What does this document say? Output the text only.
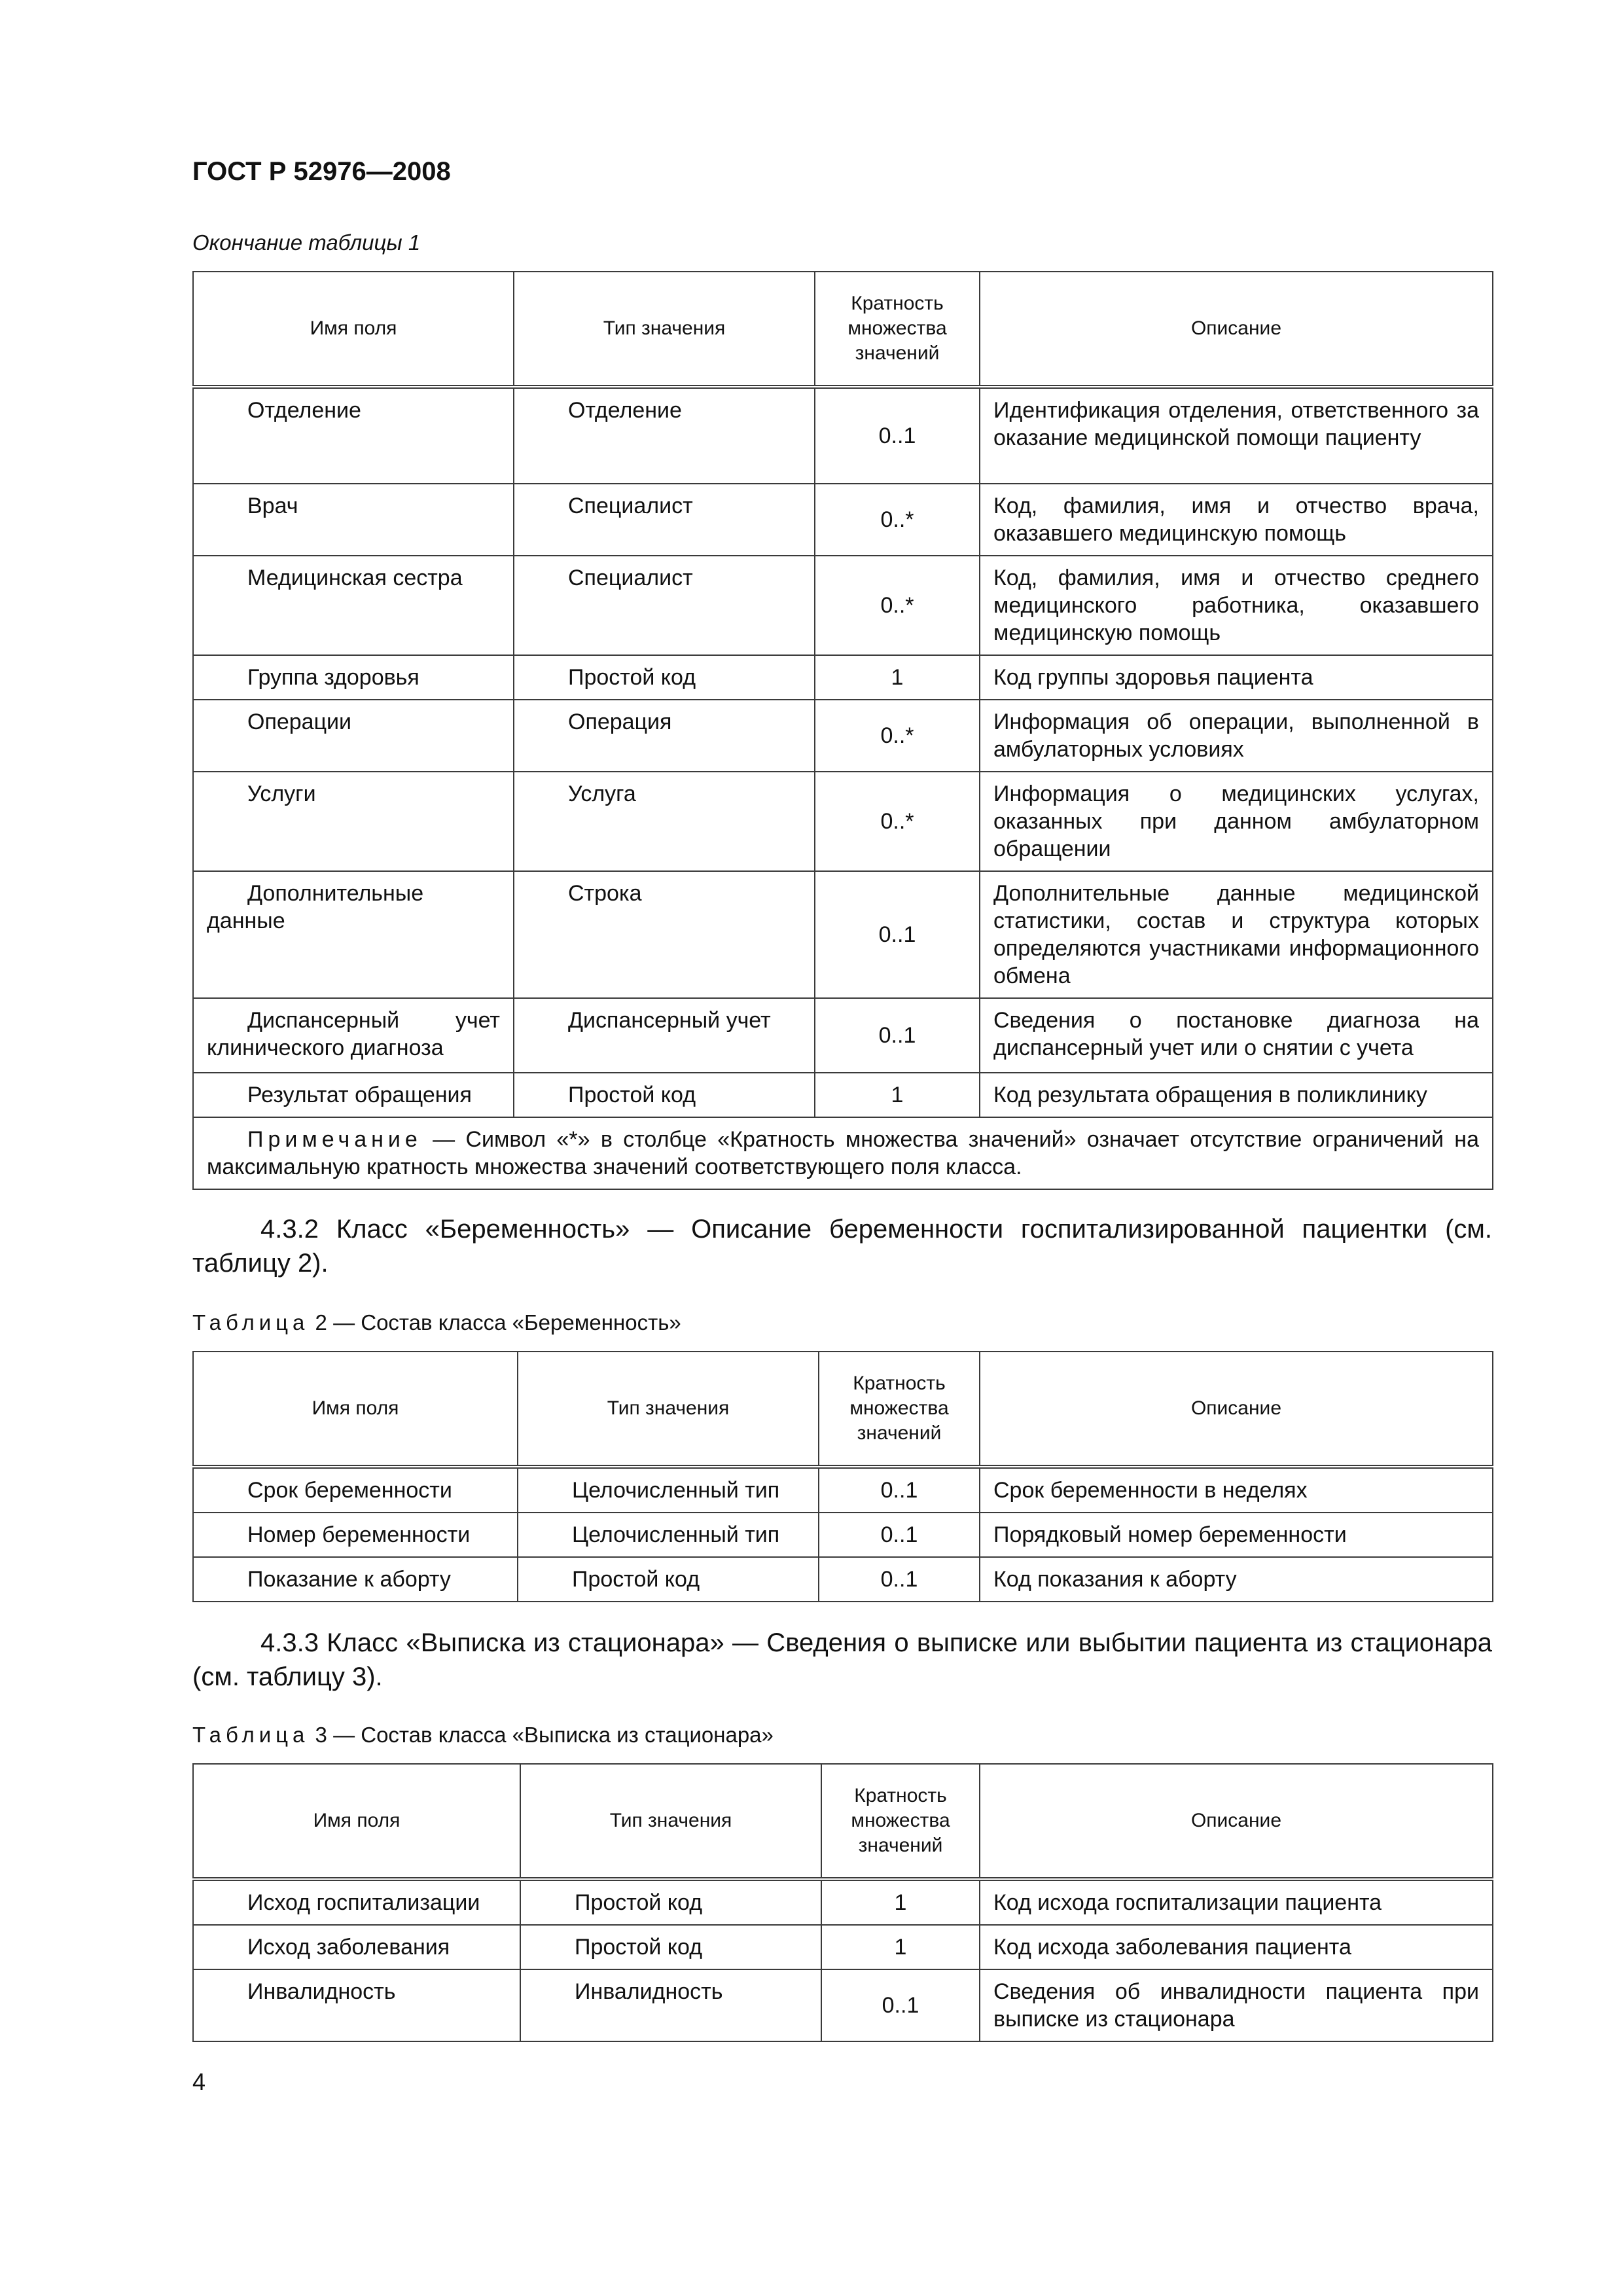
ГОСТ Р 52976—2008
Окончание таблицы 1
Имя поля	Тип значения	Кратность множества значений	Описание
Отделение	Отделение	0..1	Идентификация отделения, ответственного за оказание медицинской помощи пациенту
Врач	Специалист	0..*	Код, фамилия, имя и отчество врача, оказавшего медицинскую помощь
Медицинская сестра	Специалист	0..*	Код, фамилия, имя и отчество среднего медицинского работника, оказавшего медицинскую помощь
Группа здоровья	Простой код	1	Код группы здоровья пациента
Операции	Операция	0..*	Информация об операции, выполненной в амбулаторных условиях
Услуги	Услуга	0..*	Информация о медицинских услугах, оказанных при данном амбулаторном обращении
Дополнительные данные	Строка	0..1	Дополнительные данные медицинской статистики, состав и структура которых определяются участниками информационного обмена
Диспансерный учет клинического диагноза	Диспансерный учет	0..1	Сведения о постановке диагноза на диспансерный учет или о снятии с учета
Результат обращения	Простой код	1	Код результата обращения в поликлинику
Примечание — Символ «*» в столбце «Кратность множества значений» означает отсутствие ограничений на максимальную кратность множества значений соответствующего поля класса.			
4.3.2 Класс «Беременность» — Описание беременности госпитализированной пациентки (см. таблицу 2).
Таблица 2 — Состав класса «Беременность»
Имя поля	Тип значения	Кратность множества значений	Описание
Срок беременности	Целочисленный тип	0..1	Срок беременности в неделях
Номер беременности	Целочисленный тип	0..1	Порядковый номер беременности
Показание к аборту	Простой код	0..1	Код показания к аборту
4.3.3 Класс «Выписка из стационара» — Сведения о выписке или выбытии пациента из стационара (см. таблицу 3).
Таблица 3 — Состав класса «Выписка из стационара»
Имя поля	Тип значения	Кратность множества значений	Описание
Исход госпитализации	Простой код	1	Код исхода госпитализации пациента
Исход заболевания	Простой код	1	Код исхода заболевания пациента
Инвалидность	Инвалидность	0..1	Сведения об инвалидности пациента при выписке из стационара
4
